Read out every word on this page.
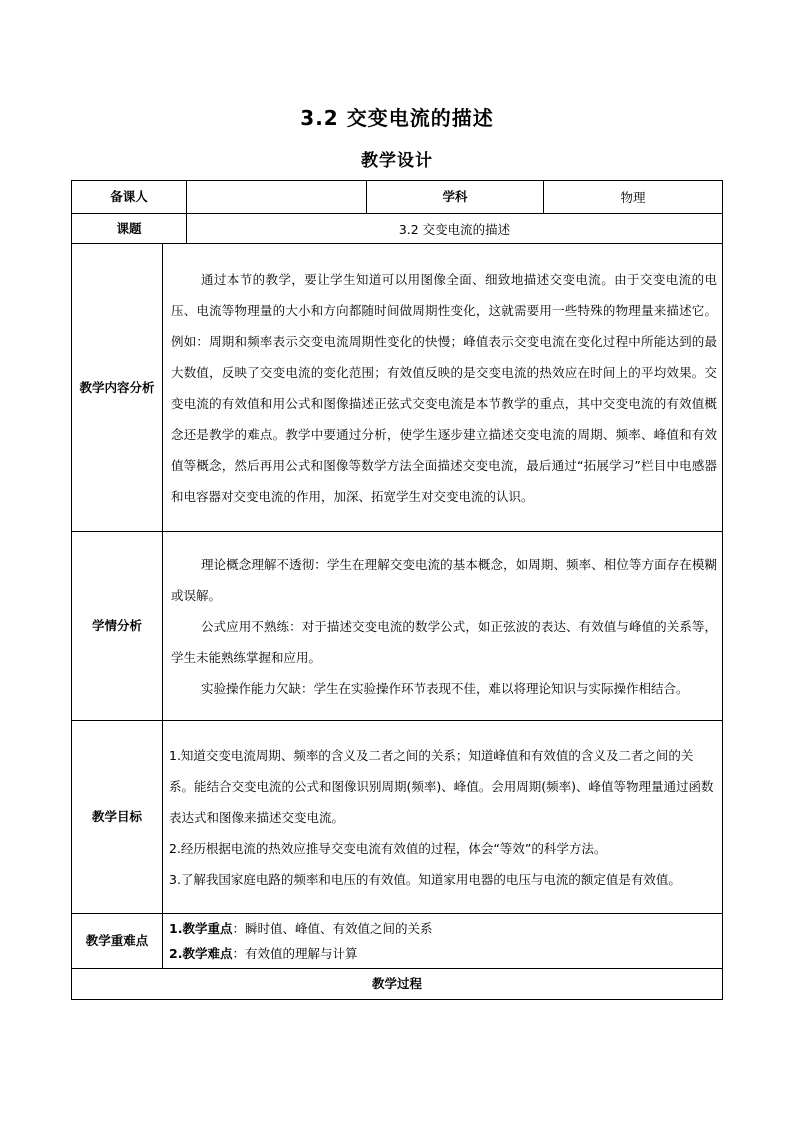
3.2 交变电流的描述
教学设计
备课人			学科	物理
课题		3.2 交变电流的描述		

教学内容分析	通过本节的教学，要让学生知道可以用图像全面、细致地描述交变电流。由于交变电流的电压、电流等物理量的大小和方向都随时间做周期性变化，这就需要用一些特殊的物理量来描述它。例如：周期和频率表示交变电流周期性变化的快慢；峰值表示交变电流在变化过程中所能达到的最大数值，反映了交变电流的变化范围；有效值反映的是交变电流的热效应在时间上的平均效果。交变电流的有效值和用公式和图像描述正弦式交变电流是本节教学的重点，其中交变电流的有效值概念还是教学的难点。教学中要通过分析，使学生逐步建立描述交变电流的周期、频率、峰值和有效值等概念，然后再用公式和图像等数学方法全面描述交变电流，最后通过“拓展学习”栏目中电感器和电容器对交变电流的作用，加深、拓宽学生对交变电流的认识。			

学情分析	理论概念理解不透彻：学生在理解交变电流的基本概念，如周期、频率、相位等方面存在模糊或误解。

公式应用不熟练：对于描述交变电流的数学公式，如正弦波的表达、有效值与峰值的关系等，学生未能熟练掌握和应用。

实验操作能力欠缺：学生在实验操作环节表现不佳，难以将理论知识与实际操作相结合。			

教学目标	1.知道交变电流周期、频率的含义及二者之间的关系；知道峰值和有效值的含义及二者之间的关系。能结合交变电流的公式和图像识别周期(频率)、峰值。会用周期(频率)、峰值等物理量通过函数表达式和图像来描述交变电流。

2.经历根据电流的热效应推导交变电流有效值的过程，体会“等效”的科学方法。

3.了解我国家庭电路的频率和电压的有效值。知道家用电器的电压与电流的额定值是有效值。			

教学重难点	1.教学重点：瞬时值、峰值、有效值之间的关系

2.教学难点：有效值的理解与计算			

教学过程				
